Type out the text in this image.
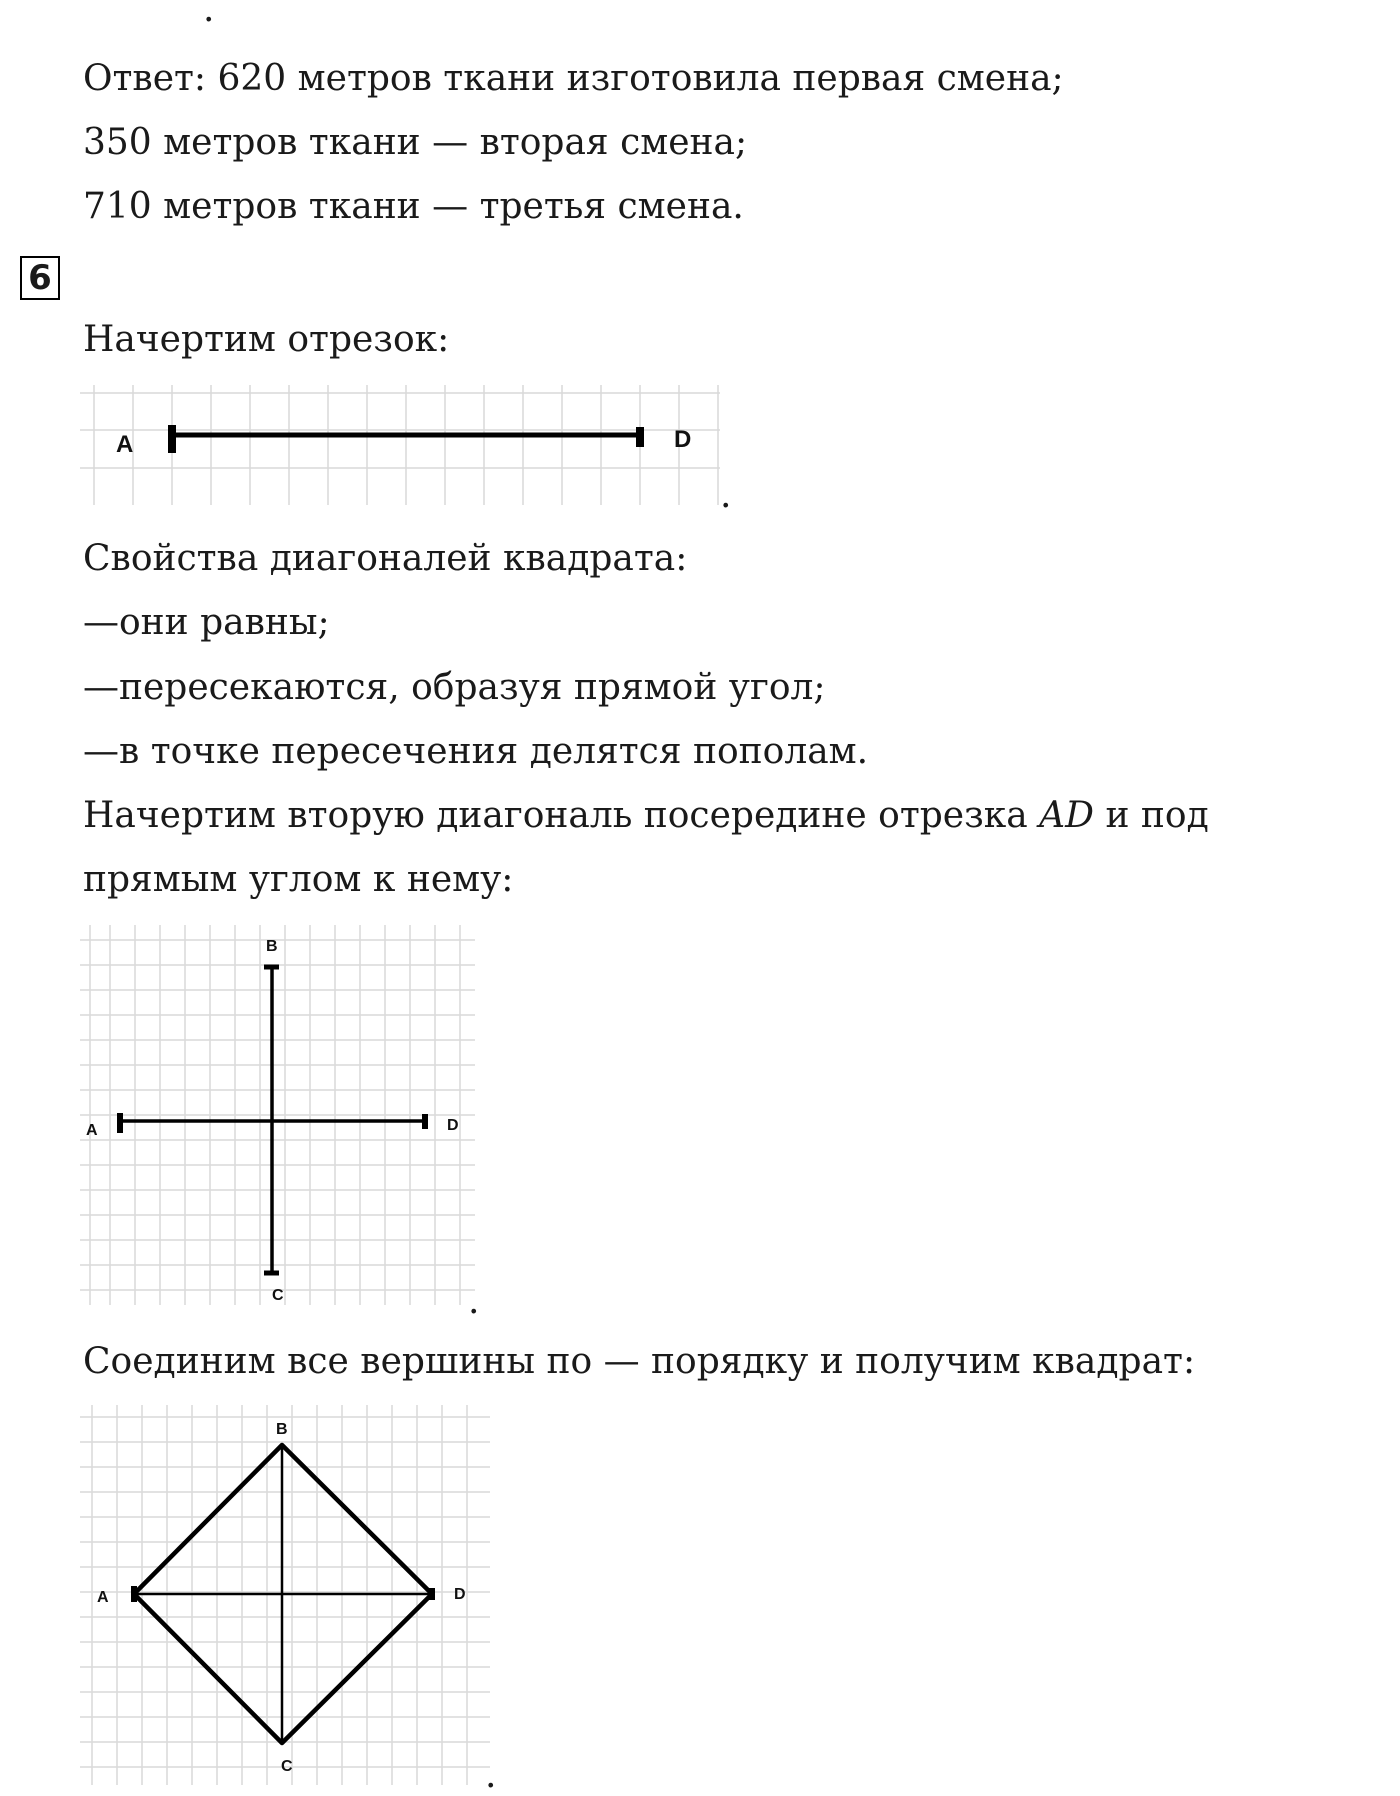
.
Ответ: 620 метров ткани изготовила первая смена;
350 метров ткани — вторая смена;
710 метров ткани — третья смена.
6
Начертим отрезок:
A	D
.
Свойства диагоналей квадрата:
—они равны;
—пересекаются, образуя прямой угол;
—в точке пересечения делятся пополам.
Начертим вторую диагональ посередине отрезка AD и под
прямым углом к нему:
A
B
C
D
.
Соединим все вершины по — порядку и получим квадрат:
A
B
C
D
.
